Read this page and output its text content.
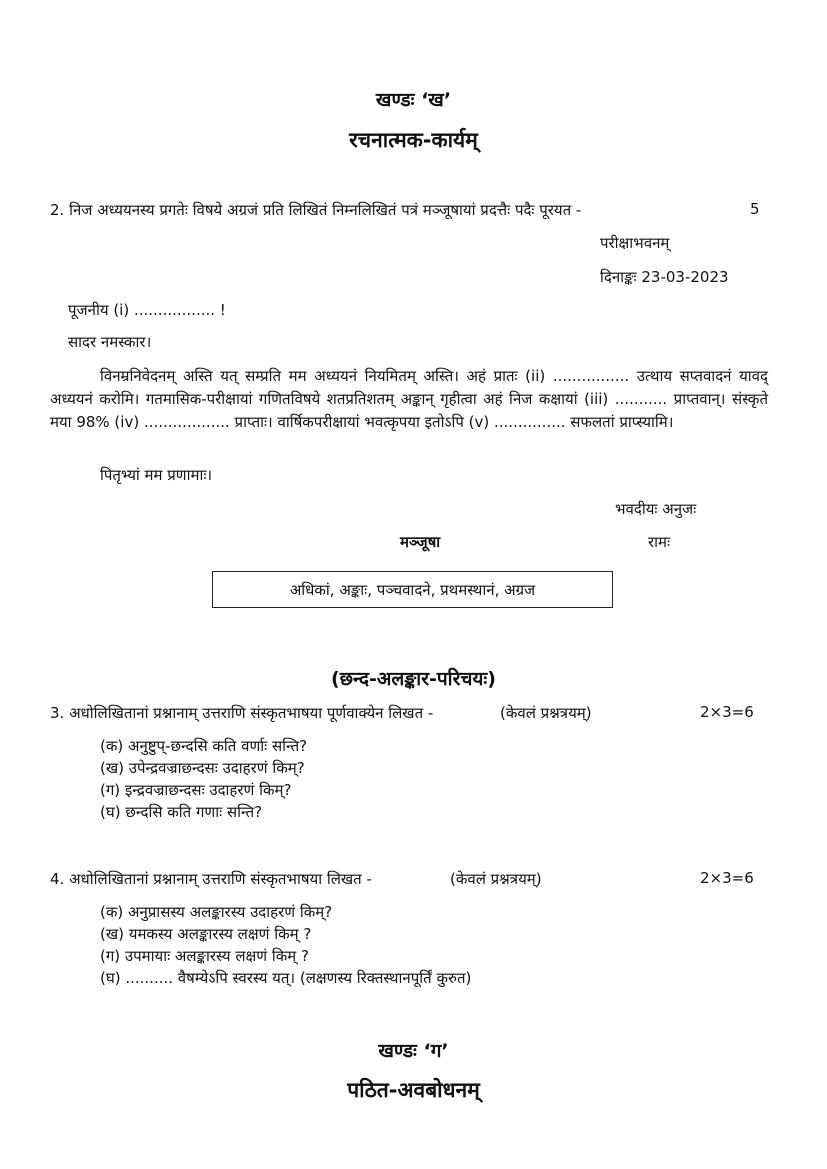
खण्डः ‘ख’
रचनात्मक-कार्यम्
2. निज अध्ययनस्य प्रगतेः विषये अग्रजं प्रति लिखितं निम्नलिखितं पत्रं मञ्जूषायां प्रदत्तैः पदैः पूरयत -	5
परीक्षाभवनम्
दिनाङ्कः 23-03-2023
पूजनीय (i) ................. !
सादर नमस्कार।
विनम्रनिवेदनम् अस्ति यत् सम्प्रति मम अध्ययनं नियमितम् अस्ति। अहं प्रातः (ii) ................ उत्थाय सप्तवादनं यावद् अध्ययनं करोमि। गतमासिक-परीक्षायां गणितविषये शतप्रतिशतम् अङ्कान् गृहीत्वा अहं निज कक्षायां (iii) ........... प्राप्तवान्। संस्कृते मया 98% (iv) .................. प्राप्ताः। वार्षिकपरीक्षायां भवत्कृपया इतोऽपि (v) ............... सफलतां प्राप्स्यामि।
पितृभ्यां मम प्रणामाः।
भवदीयः अनुजः
मञ्जूषा	रामः
अधिकां, अङ्काः, पञ्चवादने, प्रथमस्थानं, अग्रज
(छन्द-अलङ्कार-परिचयः)
3. अधोलिखितानां प्रश्नानाम् उत्तराणि संस्कृतभाषया पूर्णवाक्येन लिखत -	(केवलं प्रश्नत्रयम्)	2×3=6
(क) अनुष्टुप्-छन्दसि कति वर्णाः सन्ति?
(ख) उपेन्द्रवज्राछन्दसः उदाहरणं किम्?
(ग) इन्द्रवज्राछन्दसः उदाहरणं किम्?
(घ) छन्दसि कति गणाः सन्ति?
4. अधोलिखितानां प्रश्नानाम् उत्तराणि संस्कृतभाषया लिखत -	(केवलं प्रश्नत्रयम्)	2×3=6
(क) अनुप्रासस्य अलङ्कारस्य उदाहरणं किम्?
(ख) यमकस्य अलङ्कारस्य लक्षणं किम् ?
(ग) उपमायाः अलङ्कारस्य लक्षणं किम् ?
(घ) .......... वैषम्येऽपि स्वरस्य यत्। (लक्षणस्य रिक्तस्थानपूर्तिं कुरुत)
खण्डः ‘ग’
पठित-अवबोधनम्
